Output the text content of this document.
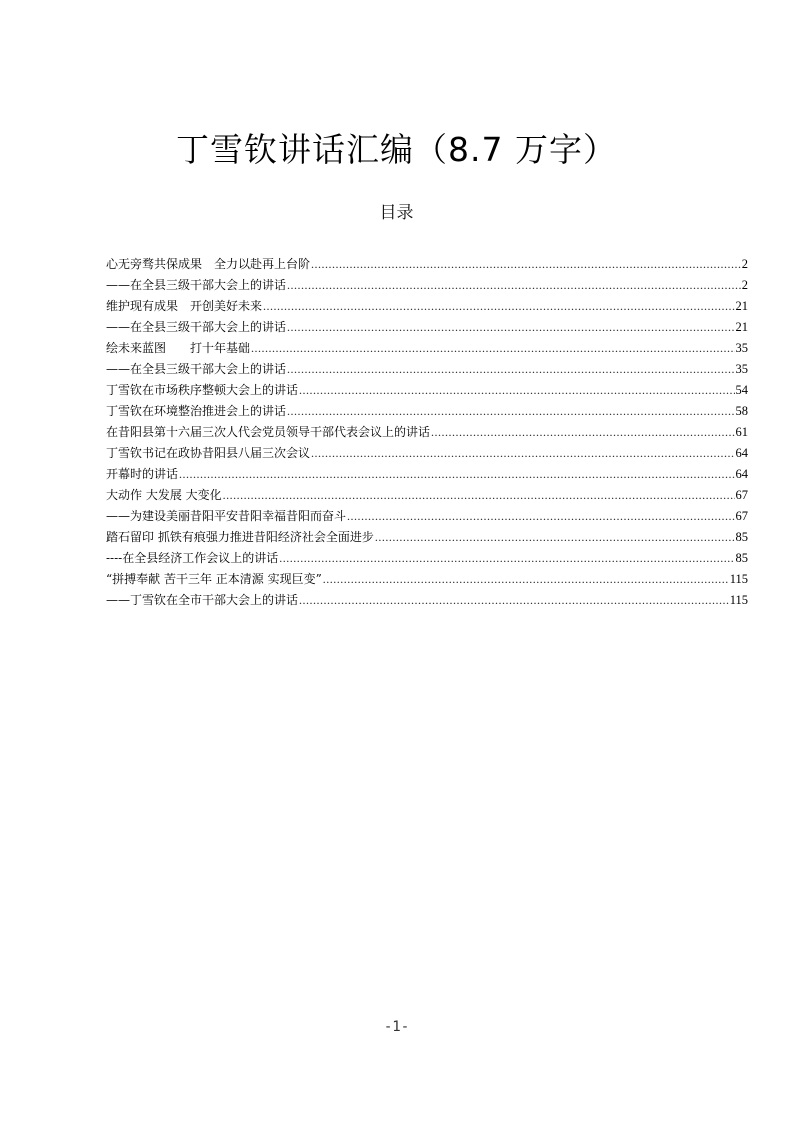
丁雪钦讲话汇编（8.7 万字）
目录
心无旁骛共保成果　全力以赴再上台阶 .....	2
——在全县三级干部大会上的讲话 .....	2
维护现有成果　开创美好未来 .....	21
——在全县三级干部大会上的讲话 .....	21
绘未来蓝图　　打十年基础 .....	35
——在全县三级干部大会上的讲话 .....	35
丁雪钦在市场秩序整顿大会上的讲话 .....	54
丁雪钦在环境整治推进会上的讲话 .....	58
在昔阳县第十六届三次人代会党员领导干部代表会议上的讲话 .....	61
丁雪钦书记在政协昔阳县八届三次会议 .....	64
开幕时的讲话 .....	64
大动作 大发展 大变化 .....	67
——为建设美丽昔阳平安昔阳幸福昔阳而奋斗 .....	67
踏石留印 抓铁有痕强力推进昔阳经济社会全面进步 .....	85
----在全县经济工作会议上的讲话 .....	85
“拼搏奉献 苦干三年 正本清源 实现巨变” .....	115
——丁雪钦在全市干部大会上的讲话 .....	115
-1-
